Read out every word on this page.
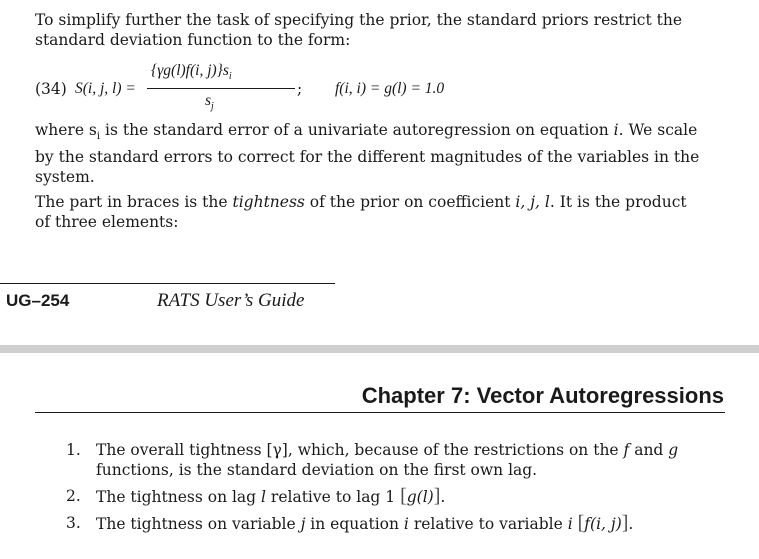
To simplify further the task of specifying the prior, the standard priors restrict the standard deviation function to the form:

(34) S(i, j, l) =
{γg(l)f(i, $j)\}s_i$
$s_j$
; f(i, i) = g(l) = 1.0

where $s_i$ is the standard error of a univariate autoregression on equation i. We scale by the standard errors to correct for the different magnitudes of the variables in the system.

The part in braces is the tightness of the prior on coefficient i, j, l. It is the product of three elements:

UG–254	RATS User’s Guide
Chapter 7: Vector Autoregressions
1. The overall tightness [γ], which, because of the restrictions on the f and g functions, is the standard deviation on the first own lag.
2. The tightness on lag l relative to lag 1 [g(l)].
3. The tightness on variable j in equation i relative to variable i [f(i, j)].
